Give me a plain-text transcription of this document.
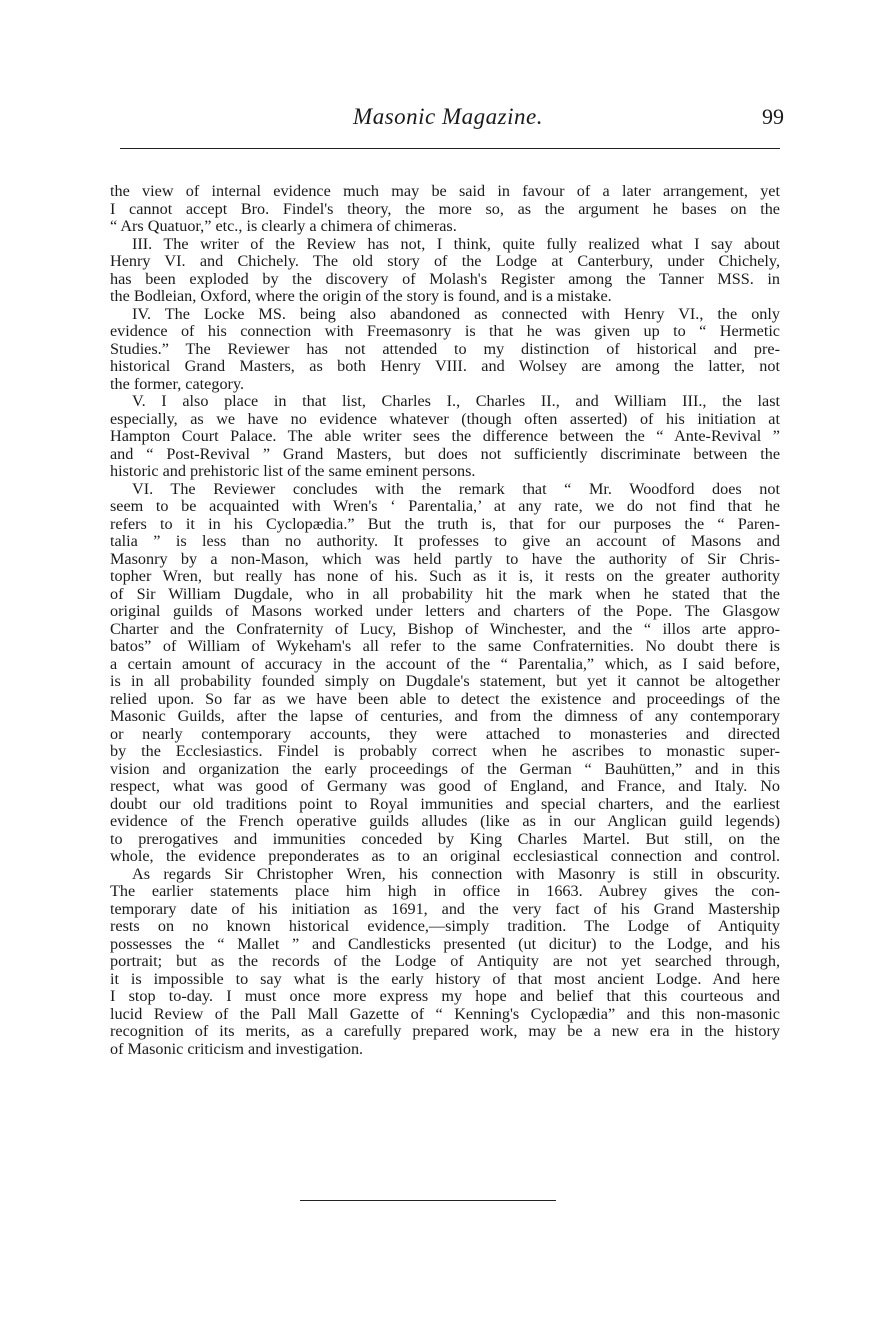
Masonic Magazine.	99
the view of internal evidence much may be said in favour of a later arrangement, yet
I cannot accept Bro. Findel's theory, the more so, as the argument he bases on the
“ Ars Quatuor,” etc., is clearly a chimera of chimeras.
III. The writer of the Review has not, I think, quite fully realized what I say about
Henry VI. and Chichely. The old story of the Lodge at Canterbury, under Chichely,
has been exploded by the discovery of Molash's Register among the Tanner MSS. in
the Bodleian, Oxford, where the origin of the story is found, and is a mistake.
IV. The Locke MS. being also abandoned as connected with Henry VI., the only
evidence of his connection with Freemasonry is that he was given up to “ Hermetic
Studies.” The Reviewer has not attended to my distinction of historical and pre-
historical Grand Masters, as both Henry VIII. and Wolsey are among the latter, not
the former, category.
V. I also place in that list, Charles I., Charles II., and William III., the last
especially, as we have no evidence whatever (though often asserted) of his initiation at
Hampton Court Palace. The able writer sees the difference between the “ Ante-Revival ”
and “ Post-Revival ” Grand Masters, but does not sufficiently discriminate between the
historic and prehistoric list of the same eminent persons.
VI. The Reviewer concludes with the remark that “ Mr. Woodford does not
seem to be acquainted with Wren's ‘ Parentalia,’ at any rate, we do not find that he
refers to it in his Cyclopædia.” But the truth is, that for our purposes the “ Paren-
talia ” is less than no authority. It professes to give an account of Masons and
Masonry by a non-Mason, which was held partly to have the authority of Sir Chris-
topher Wren, but really has none of his. Such as it is, it rests on the greater authority
of Sir William Dugdale, who in all probability hit the mark when he stated that the
original guilds of Masons worked under letters and charters of the Pope. The Glasgow
Charter and the Confraternity of Lucy, Bishop of Winchester, and the “ illos arte appro-
batos” of William of Wykeham's all refer to the same Confraternities. No doubt there is
a certain amount of accuracy in the account of the “ Parentalia,” which, as I said before,
is in all probability founded simply on Dugdale's statement, but yet it cannot be altogether
relied upon. So far as we have been able to detect the existence and proceedings of the
Masonic Guilds, after the lapse of centuries, and from the dimness of any contemporary
or nearly contemporary accounts, they were attached to monasteries and directed
by the Ecclesiastics. Findel is probably correct when he ascribes to monastic super-
vision and organization the early proceedings of the German “ Bauhütten,” and in this
respect, what was good of Germany was good of England, and France, and Italy. No
doubt our old traditions point to Royal immunities and special charters, and the earliest
evidence of the French operative guilds alludes (like as in our Anglican guild legends)
to prerogatives and immunities conceded by King Charles Martel. But still, on the
whole, the evidence preponderates as to an original ecclesiastical connection and control.
As regards Sir Christopher Wren, his connection with Masonry is still in obscurity.
The earlier statements place him high in office in 1663. Aubrey gives the con-
temporary date of his initiation as 1691, and the very fact of his Grand Mastership
rests on no known historical evidence,—simply tradition. The Lodge of Antiquity
possesses the “ Mallet ” and Candlesticks presented (ut dicitur) to the Lodge, and his
portrait; but as the records of the Lodge of Antiquity are not yet searched through,
it is impossible to say what is the early history of that most ancient Lodge. And here
I stop to-day. I must once more express my hope and belief that this courteous and
lucid Review of the Pall Mall Gazette of “ Kenning's Cyclopædia” and this non-masonic
recognition of its merits, as a carefully prepared work, may be a new era in the history
of Masonic criticism and investigation.
